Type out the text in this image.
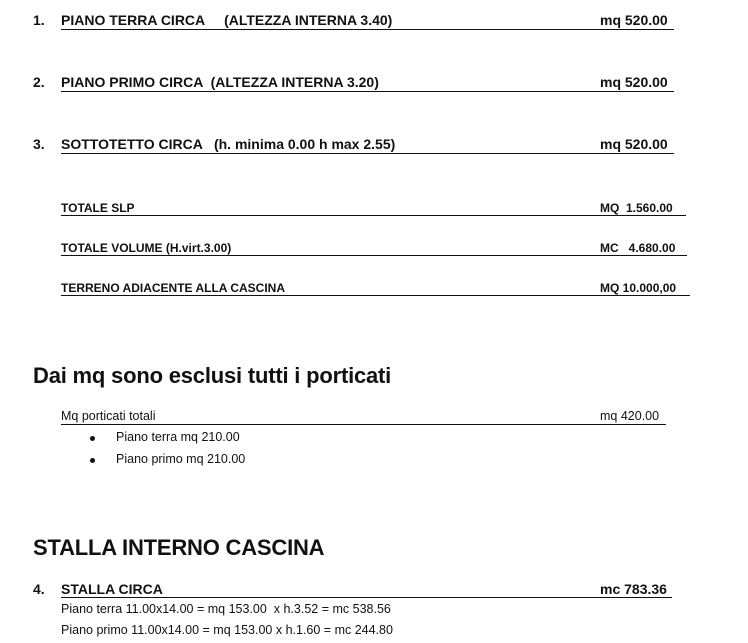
1. PIANO TERRA CIRCA     (ALTEZZA INTERNA 3.40)	mq 520.00
2. PIANO PRIMO CIRCA  (ALTEZZA INTERNA 3.20)	mq 520.00
3. SOTTOTETTO CIRCA   (h. minima 0.00 h max 2.55)	mq 520.00
TOTALE SLP	MQ  1.560.00
TOTALE VOLUME (H.virt.3.00)	MC   4.680.00
TERRENO ADIACENTE ALLA CASCINA	MQ 10.000,00
Dai mq sono esclusi tutti i porticati
Mq porticati totali	mq 420.00
Piano terra mq 210.00
Piano primo mq 210.00
STALLA INTERNO CASCINA
4. STALLA CIRCA	mc 783.36
Piano terra 11.00x14.00 = mq 153.00  x h.3.52 = mc 538.56
Piano primo 11.00x14.00 = mq 153.00 x h.1.60 = mc 244.80
